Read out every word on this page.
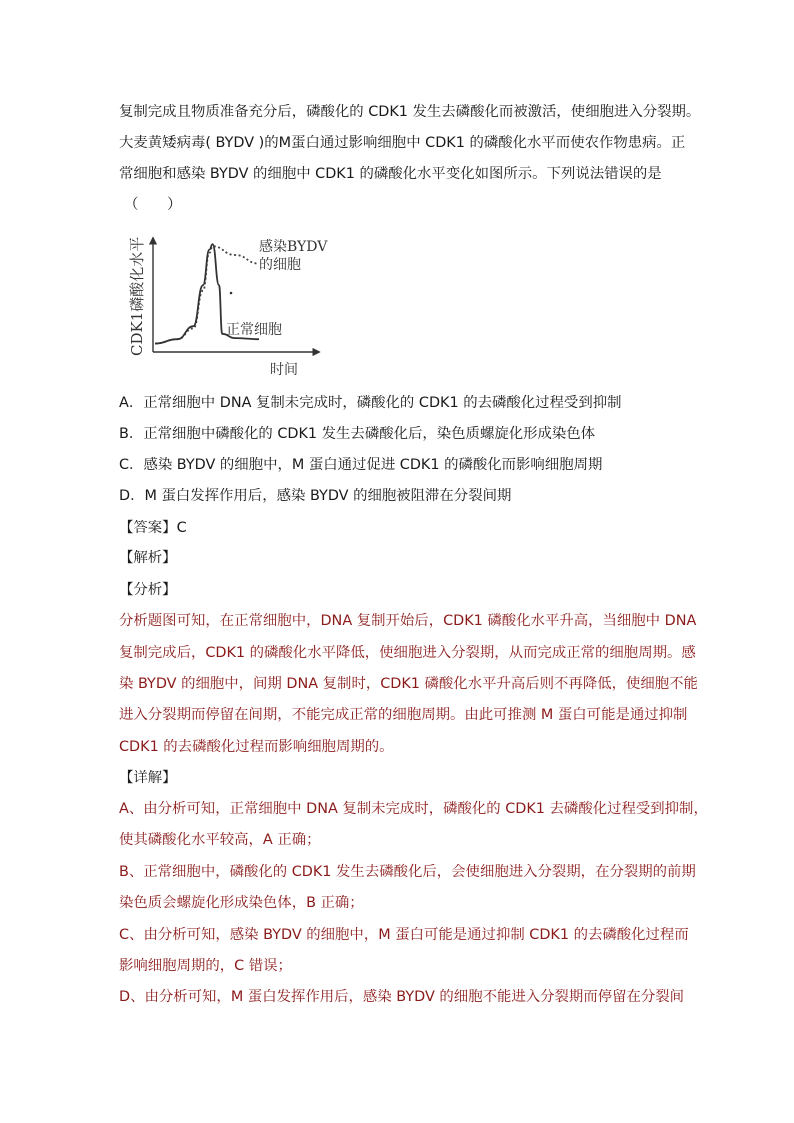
复制完成且物质准备充分后，磷酸化的 CDK1 发生去磷酸化而被激活，使细胞进入分裂期。
大麦黄矮病毒( BYDV )的M蛋白通过影响细胞中 CDK1 的磷酸化水平而使农作物患病。正
常细胞和感染 BYDV 的细胞中 CDK1 的磷酸化水平变化如图所示。下列说法错误的是
（　　）
CDK1磷酸化水平
时间
感染BYDV
的细胞
正常细胞
A．正常细胞中 DNA 复制未完成时，磷酸化的 CDK1 的去磷酸化过程受到抑制
B．正常细胞中磷酸化的 CDK1 发生去磷酸化后，染色质螺旋化形成染色体
C．感染 BYDV 的细胞中，M 蛋白通过促进 CDK1 的磷酸化而影响细胞周期
D．M 蛋白发挥作用后，感染 BYDV 的细胞被阻滞在分裂间期
【答案】C
【解析】
【分析】
分析题图可知，在正常细胞中，DNA 复制开始后，CDK1 磷酸化水平升高，当细胞中 DNA
复制完成后，CDK1 的磷酸化水平降低，使细胞进入分裂期，从而完成正常的细胞周期。感
染 BYDV 的细胞中，间期 DNA 复制时，CDK1 磷酸化水平升高后则不再降低，使细胞不能
进入分裂期而停留在间期，不能完成正常的细胞周期。由此可推测 M 蛋白可能是通过抑制
CDK1 的去磷酸化过程而影响细胞周期的。
【详解】
A、由分析可知，正常细胞中 DNA 复制未完成时，磷酸化的 CDK1 去磷酸化过程受到抑制，
使其磷酸化水平较高，A 正确；
B、正常细胞中，磷酸化的 CDK1 发生去磷酸化后，会使细胞进入分裂期，在分裂期的前期
染色质会螺旋化形成染色体，B 正确；
C、由分析可知，感染 BYDV 的细胞中，M 蛋白可能是通过抑制 CDK1 的去磷酸化过程而
影响细胞周期的，C 错误；
D、由分析可知，M 蛋白发挥作用后，感染 BYDV 的细胞不能进入分裂期而停留在分裂间
